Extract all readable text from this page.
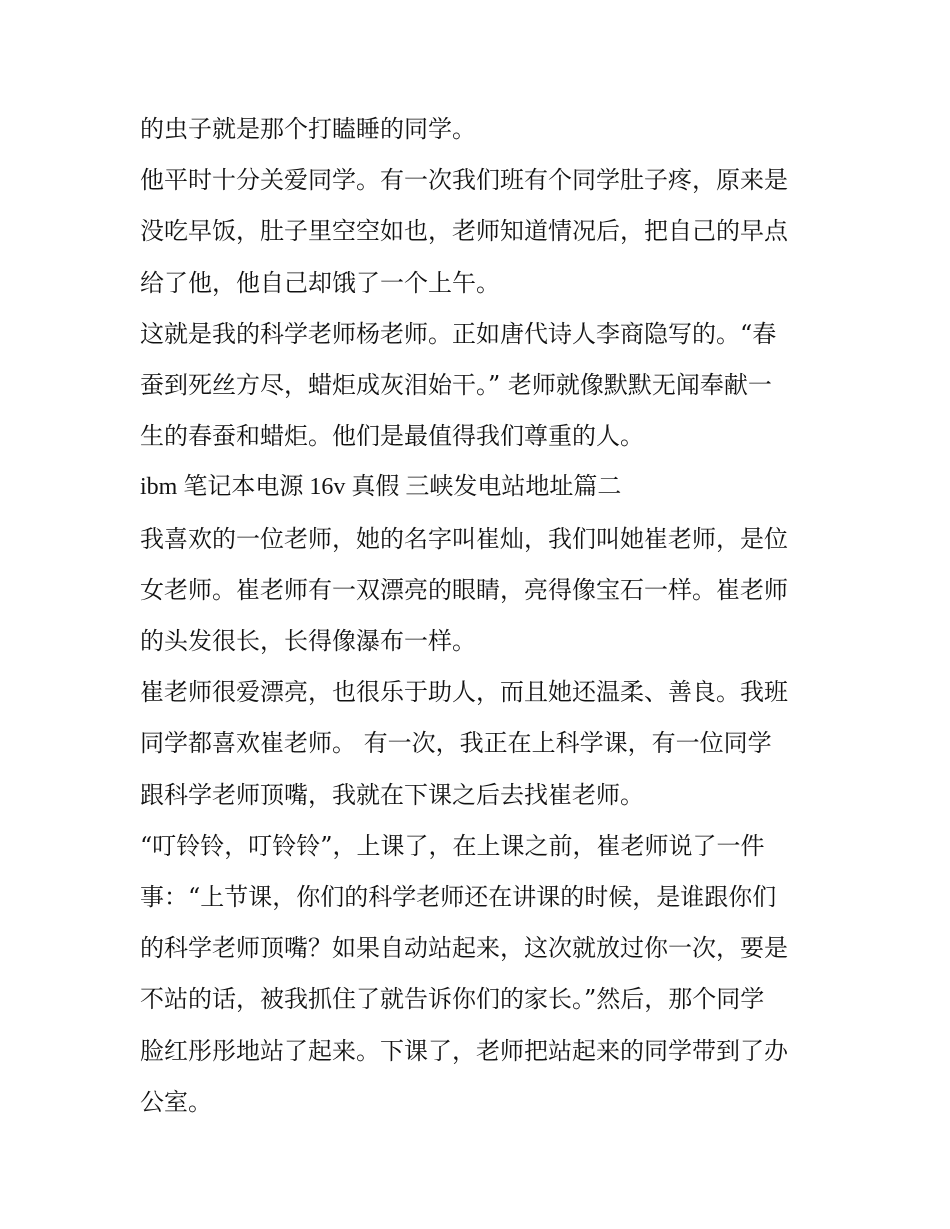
的虫子就是那个打瞌睡的同学。

他平时十分关爱同学。有一次我们班有个同学肚子疼，原来是
没吃早饭，肚子里空空如也，老师知道情况后，把自己的早点
给了他，他自己却饿了一个上午。

这就是我的科学老师杨老师。正如唐代诗人李商隐写的。“春
蚕到死丝方尽，蜡炬成灰泪始干。” 老师就像默默无闻奉献一
生的春蚕和蜡炬。他们是最值得我们尊重的人。

ibm 笔记本电源 16v 真假 三峡发电站地址篇二

我喜欢的一位老师，她的名字叫崔灿，我们叫她崔老师，是位
女老师。崔老师有一双漂亮的眼睛，亮得像宝石一样。崔老师
的头发很长，长得像瀑布一样。

崔老师很爱漂亮，也很乐于助人，而且她还温柔、善良。我班
同学都喜欢崔老师。 有一次，我正在上科学课，有一位同学
跟科学老师顶嘴，我就在下课之后去找崔老师。

“叮铃铃，叮铃铃”，上课了，在上课之前，崔老师说了一件
事：“上节课，你们的科学老师还在讲课的时候，是谁跟你们
的科学老师顶嘴？如果自动站起来，这次就放过你一次，要是
不站的话，被我抓住了就告诉你们的家长。”然后，那个同学
脸红彤彤地站了起来。下课了，老师把站起来的同学带到了办
公室。
